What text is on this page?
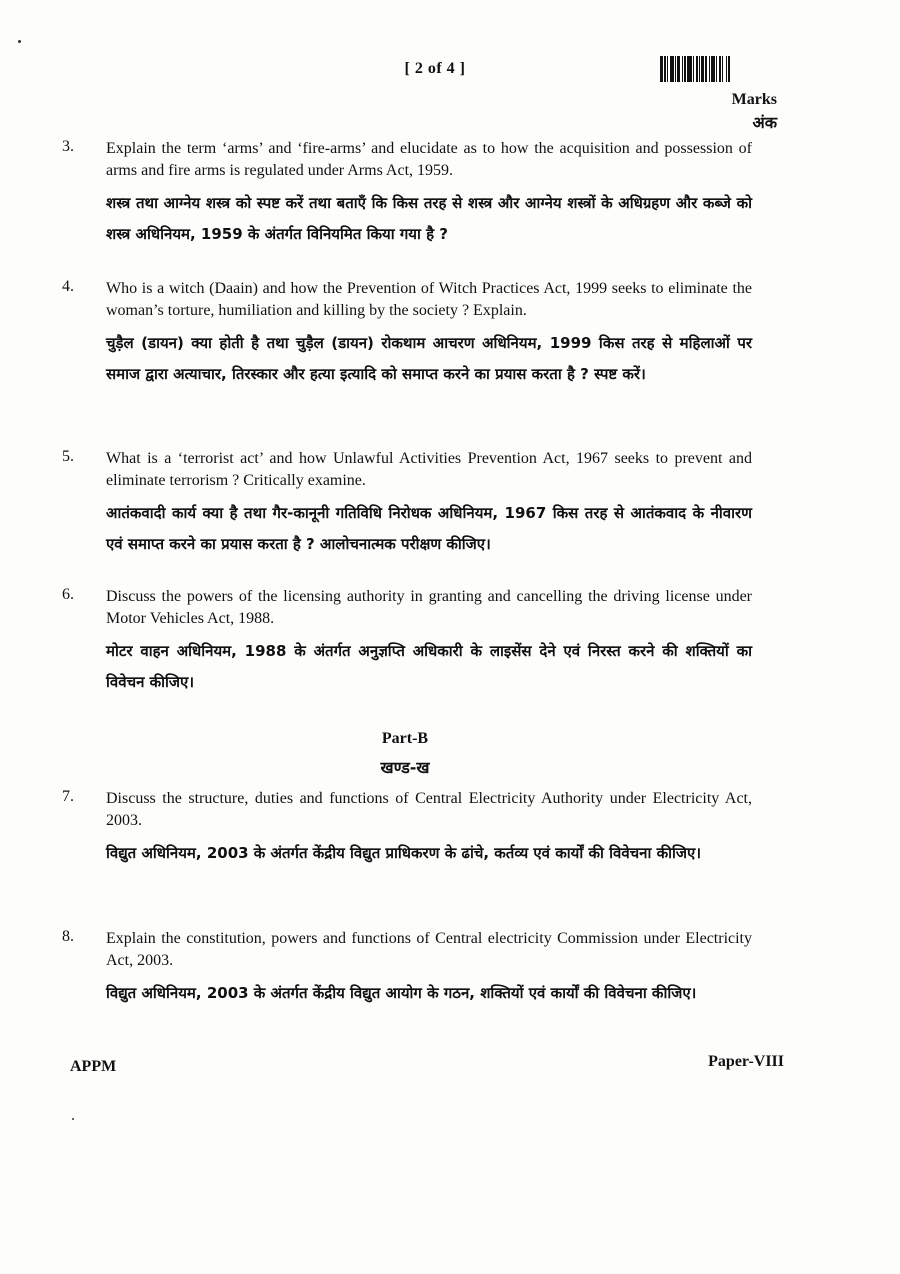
[ 2 of 4 ]
Marks
अंक
3. Explain the term ‘arms’ and ‘fire-arms’ and elucidate as to how the acquisition and possession of arms and fire arms is regulated under Arms Act, 1959.
शस्त्र तथा आग्नेय शस्त्र को स्पष्ट करें तथा बताएँ कि किस तरह से शस्त्र और आग्नेय शस्त्रों के अधिग्रहण और कब्जे को शस्त्र अधिनियम, 1959 के अंतर्गत विनियमित किया गया है ?
4. Who is a witch (Daain) and how the Prevention of Witch Practices Act, 1999 seeks to eliminate the woman’s torture, humiliation and killing by the society ? Explain.
चुड़ैल (डायन) क्या होती है तथा चुड़ैल (डायन) रोकथाम आचरण अधिनियम, 1999 किस तरह से महिलाओं पर समाज द्वारा अत्याचार, तिरस्कार और हत्या इत्यादि को समाप्त करने का प्रयास करता है ? स्पष्ट करें।
5. What is a ‘terrorist act’ and how Unlawful Activities Prevention Act, 1967 seeks to prevent and eliminate terrorism ? Critically examine.
आतंकवादी कार्य क्या है तथा गैर-कानूनी गतिविधि निरोधक अधिनियम, 1967 किस तरह से आतंकवाद के नीवारण एवं समाप्त करने का प्रयास करता है ? आलोचनात्मक परीक्षण कीजिए।
6. Discuss the powers of the licensing authority in granting and cancelling the driving license under Motor Vehicles Act, 1988.
मोटर वाहन अधिनियम, 1988 के अंतर्गत अनुज्ञप्ति अधिकारी के लाइसेंस देने एवं निरस्त करने की शक्तियों का विवेचन कीजिए।
Part-B
खण्ड-ख
7. Discuss the structure, duties and functions of Central Electricity Authority under Electricity Act, 2003.
विद्युत अधिनियम, 2003 के अंतर्गत केंद्रीय विद्युत प्राधिकरण के ढांचे, कर्तव्य एवं कार्यों की विवेचना कीजिए।
8. Explain the constitution, powers and functions of Central electricity Commission under Electricity Act, 2003.
विद्युत अधिनियम, 2003 के अंतर्गत केंद्रीय विद्युत आयोग के गठन, शक्तियों एवं कार्यों की विवेचना कीजिए।
APPM	Paper-VIII
